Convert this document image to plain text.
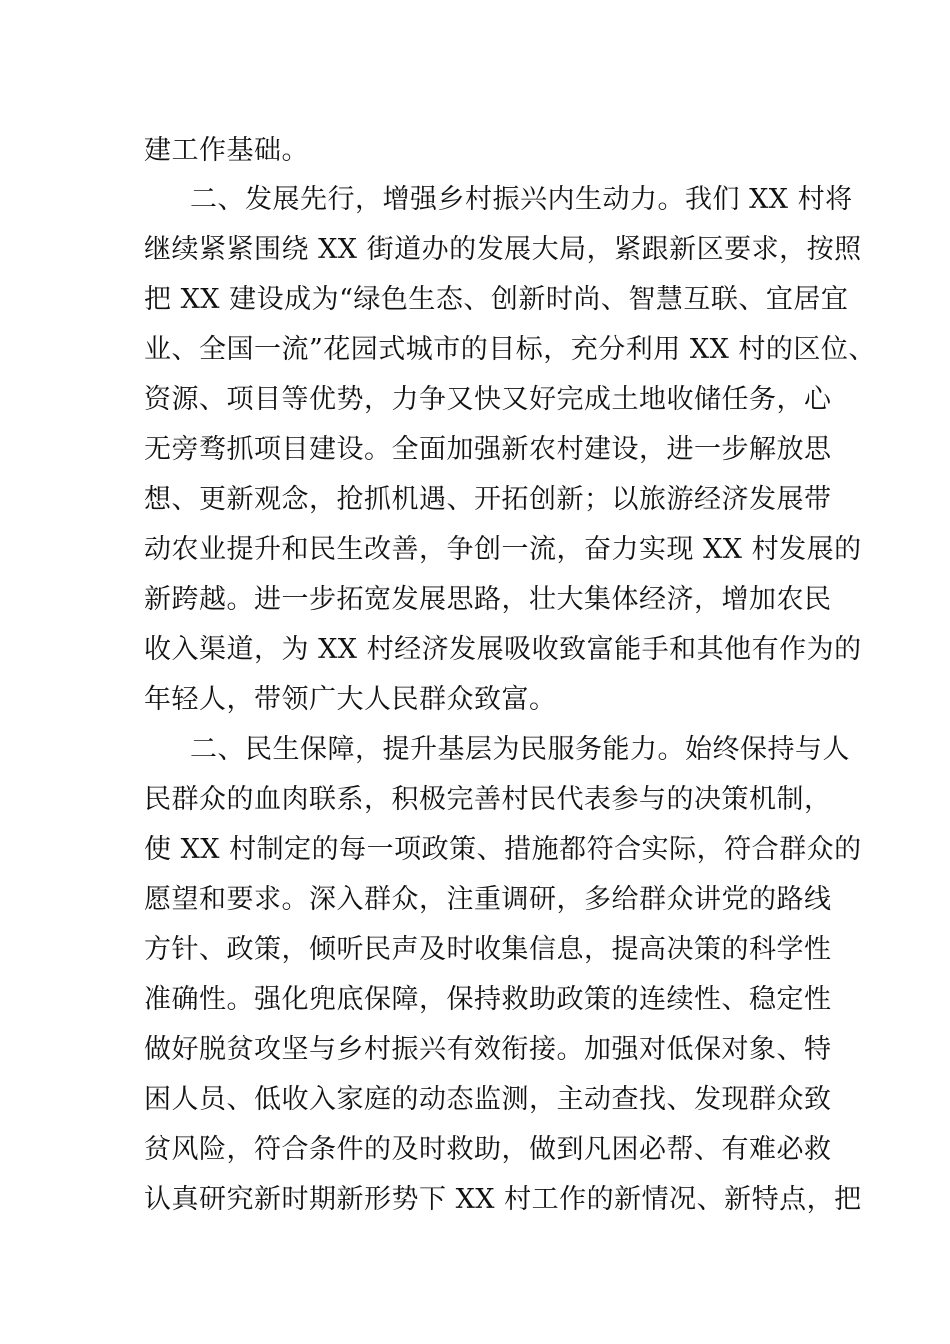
建工作基础。
二、发展先行，增强乡村振兴内生动力。我们 XX 村将
继续紧紧围绕 XX 街道办的发展大局，紧跟新区要求，按照
把 XX 建设成为“绿色生态、创新时尚、智慧互联、宜居宜
业、全国一流”花园式城市的目标，充分利用 XX 村的区位、
资源、项目等优势，力争又快又好完成土地收储任务，心
无旁骛抓项目建设。全面加强新农村建设，进一步解放思
想、更新观念，抢抓机遇、开拓创新；以旅游经济发展带
动农业提升和民生改善，争创一流，奋力实现 XX 村发展的
新跨越。进一步拓宽发展思路，壮大集体经济，增加农民
收入渠道，为 XX 村经济发展吸收致富能手和其他有作为的
年轻人，带领广大人民群众致富。
二、民生保障，提升基层为民服务能力。始终保持与人
民群众的血肉联系，积极完善村民代表参与的决策机制，
使 XX 村制定的每一项政策、措施都符合实际，符合群众的
愿望和要求。深入群众，注重调研，多给群众讲党的路线
方针、政策，倾听民声及时收集信息，提高决策的科学性
准确性。强化兜底保障，保持救助政策的连续性、稳定性
做好脱贫攻坚与乡村振兴有效衔接。加强对低保对象、特
困人员、低收入家庭的动态监测，主动查找、发现群众致
贫风险，符合条件的及时救助，做到凡困必帮、有难必救
认真研究新时期新形势下 XX 村工作的新情况、新特点，把
